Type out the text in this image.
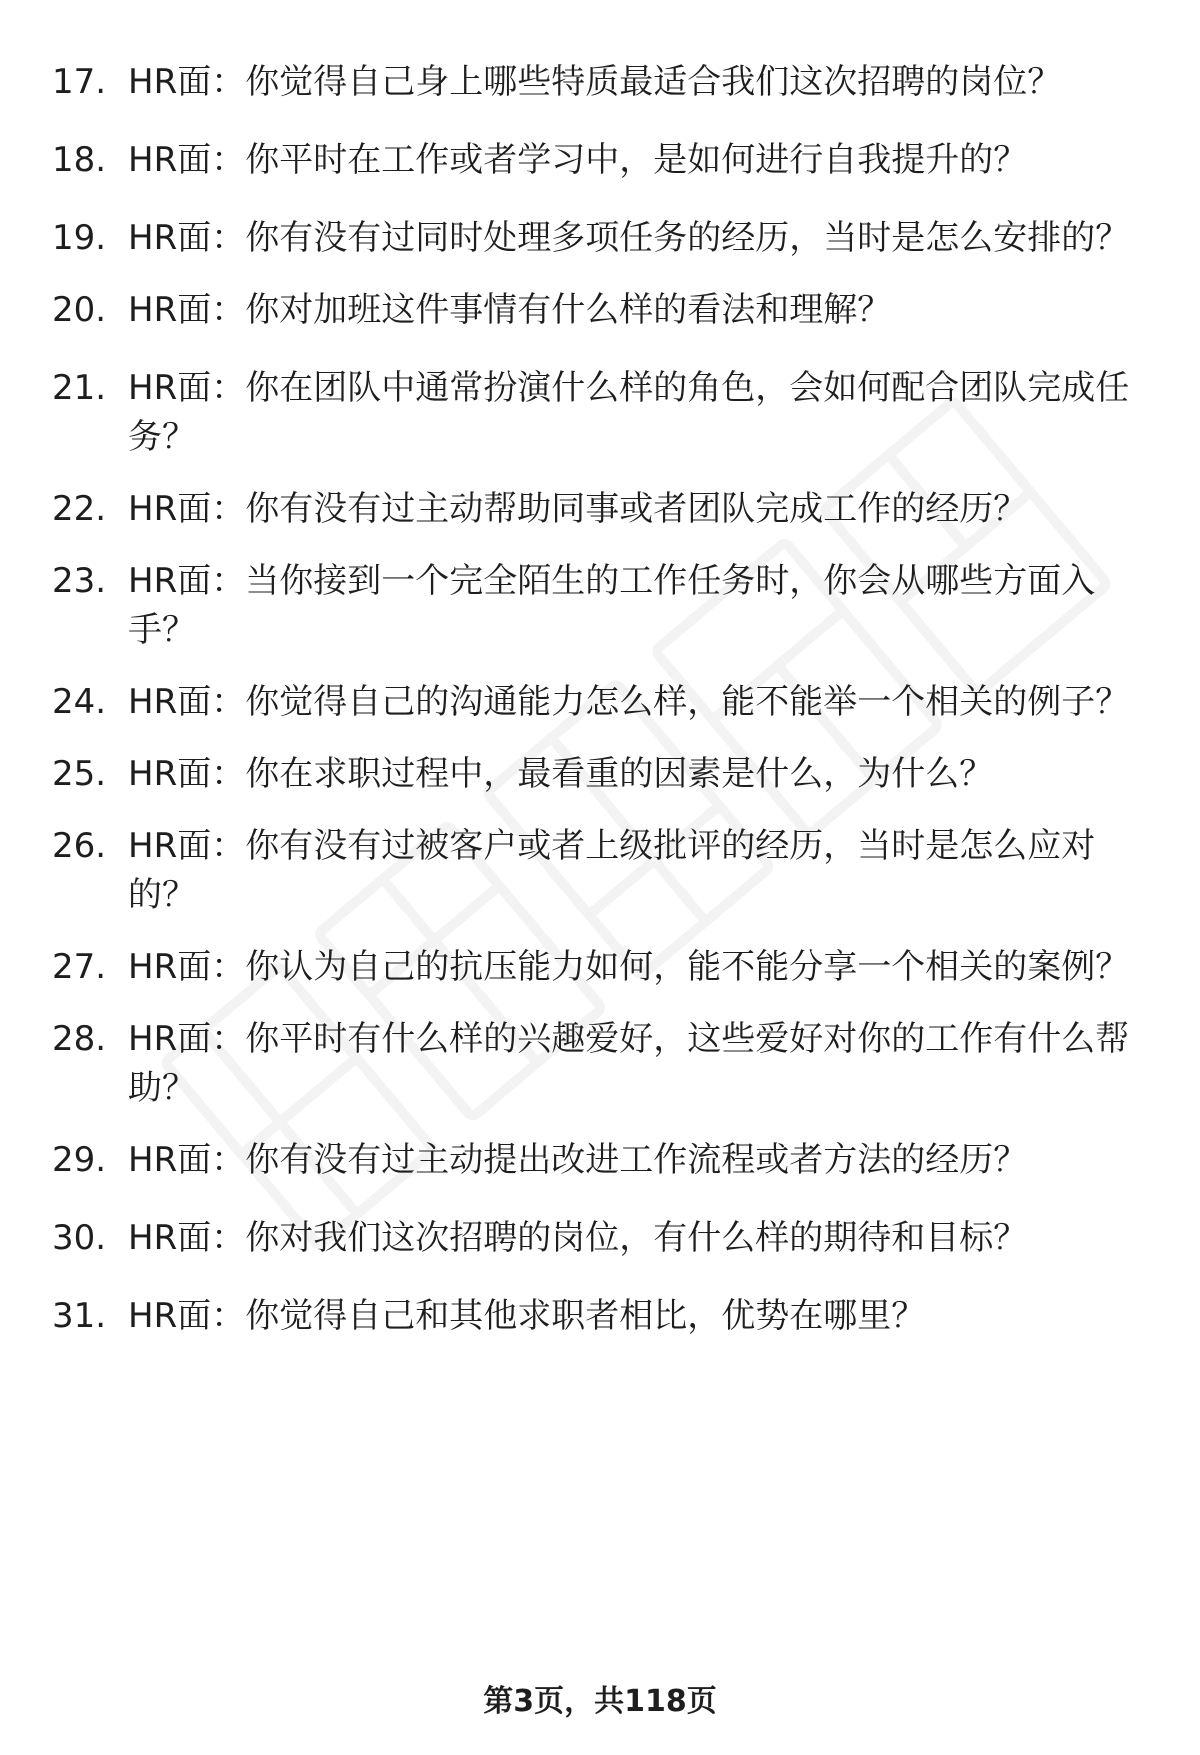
17. HR面：你觉得自己身上哪些特质最适合我们这次招聘的岗位？
18. HR面：你平时在工作或者学习中，是如何进行自我提升的？
19. HR面：你有没有过同时处理多项任务的经历，当时是怎么安排的？
20. HR面：你对加班这件事情有什么样的看法和理解？
21. HR面：你在团队中通常扮演什么样的角色，会如何配合团队完成任务？
22. HR面：你有没有过主动帮助同事或者团队完成工作的经历？
23. HR面：当你接到一个完全陌生的工作任务时，你会从哪些方面入手？
24. HR面：你觉得自己的沟通能力怎么样，能不能举一个相关的例子？
25. HR面：你在求职过程中，最看重的因素是什么，为什么？
26. HR面：你有没有过被客户或者上级批评的经历，当时是怎么应对的？
27. HR面：你认为自己的抗压能力如何，能不能分享一个相关的案例？
28. HR面：你平时有什么样的兴趣爱好，这些爱好对你的工作有什么帮助？
29. HR面：你有没有过主动提出改进工作流程或者方法的经历？
30. HR面：你对我们这次招聘的岗位，有什么样的期待和目标？
31. HR面：你觉得自己和其他求职者相比，优势在哪里？
第3页，共118页
